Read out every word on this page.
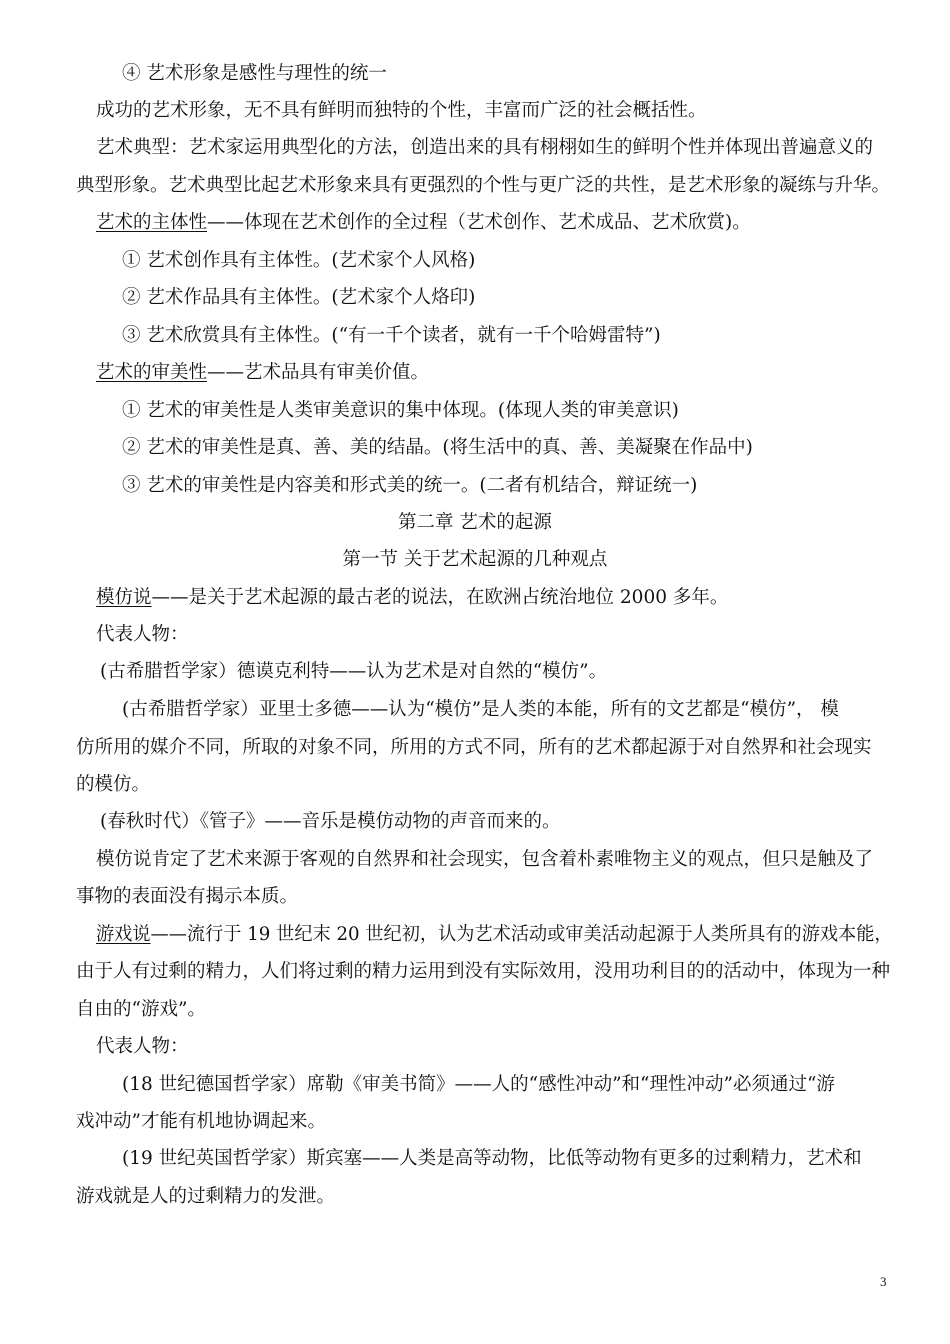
④ 艺术形象是感性与理性的统一
成功的艺术形象，无不具有鲜明而独特的个性，丰富而广泛的社会概括性。
艺术典型：艺术家运用典型化的方法，创造出来的具有栩栩如生的鲜明个性并体现出普遍意义的
典型形象。艺术典型比起艺术形象来具有更强烈的个性与更广泛的共性，是艺术形象的凝练与升华。
艺术的主体性——体现在艺术创作的全过程（艺术创作、艺术成品、艺术欣赏)。
① 艺术创作具有主体性。(艺术家个人风格)
② 艺术作品具有主体性。(艺术家个人烙印)
③ 艺术欣赏具有主体性。(“有一千个读者，就有一千个哈姆雷特”)
艺术的审美性——艺术品具有审美价值。
① 艺术的审美性是人类审美意识的集中体现。(体现人类的审美意识)
② 艺术的审美性是真、善、美的结晶。(将生活中的真、善、美凝聚在作品中)
③ 艺术的审美性是内容美和形式美的统一。(二者有机结合，辩证统一)
第二章 艺术的起源
第一节 关于艺术起源的几种观点
模仿说——是关于艺术起源的最古老的说法，在欧洲占统治地位 2000 多年。
代表人物：
(古希腊哲学家）德谟克利特——认为艺术是对自然的“模仿”。
(古希腊哲学家）亚里士多德——认为“模仿”是人类的本能，所有的文艺都是“模仿”， 模
仿所用的媒介不同，所取的对象不同，所用的方式不同，所有的艺术都起源于对自然界和社会现实
的模仿。
(春秋时代）《管子》——音乐是模仿动物的声音而来的。
模仿说肯定了艺术来源于客观的自然界和社会现实，包含着朴素唯物主义的观点，但只是触及了
事物的表面没有揭示本质。
游戏说——流行于 19 世纪末 20 世纪初，认为艺术活动或审美活动起源于人类所具有的游戏本能，
由于人有过剩的精力，人们将过剩的精力运用到没有实际效用，没用功利目的的活动中，体现为一种
自由的“游戏”。
代表人物：
(18 世纪德国哲学家）席勒《审美书简》——人的“感性冲动”和“理性冲动”必须通过“游
戏冲动”才能有机地协调起来。
(19 世纪英国哲学家）斯宾塞——人类是高等动物，比低等动物有更多的过剩精力，艺术和
游戏就是人的过剩精力的发泄。
3
